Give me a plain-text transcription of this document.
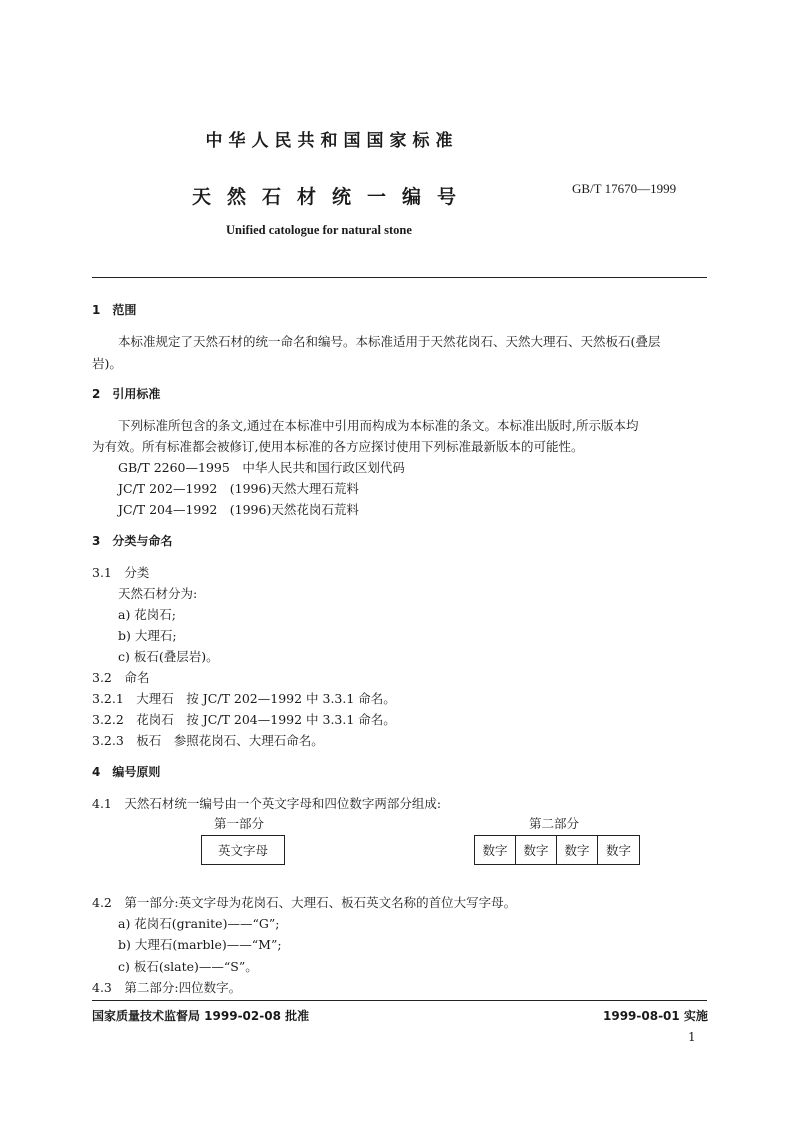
中华人民共和国国家标准
天然石材统一编号	GB/T 17670—1999
Unified catologue for natural stone
1　范围
本标准规定了天然石材的统一命名和编号。本标准适用于天然花岗石、天然大理石、天然板石(叠层
岩)。
2　引用标准
下列标准所包含的条文,通过在本标准中引用而构成为本标准的条文。本标准出版时,所示版本均
为有效。所有标准都会被修订,使用本标准的各方应探讨使用下列标准最新版本的可能性。
GB/T 2260—1995　中华人民共和国行政区划代码
JC/T 202—1992　(1996)天然大理石荒料
JC/T 204—1992　(1996)天然花岗石荒料
3　分类与命名
3.1　分类
天然石材分为:
a) 花岗石;
b) 大理石;
c) 板石(叠层岩)。
3.2　命名
3.2.1　大理石　按 JC/T 202—1992 中 3.3.1 命名。
3.2.2　花岗石　按 JC/T 204—1992 中 3.3.1 命名。
3.2.3　板石　参照花岗石、大理石命名。
4　编号原则
4.1　天然石材统一编号由一个英文字母和四位数字两部分组成:
第一部分
英文字母
第二部分
数字 数字 数字 数字
4.2　第一部分:英文字母为花岗石、大理石、板石英文名称的首位大写字母。
a) 花岗石(granite)——“G”;
b) 大理石(marble)——“M”;
c) 板石(slate)——“S”。
4.3　第二部分:四位数字。
国家质量技术监督局 1999-02-08 批准	1999-08-01 实施
1
